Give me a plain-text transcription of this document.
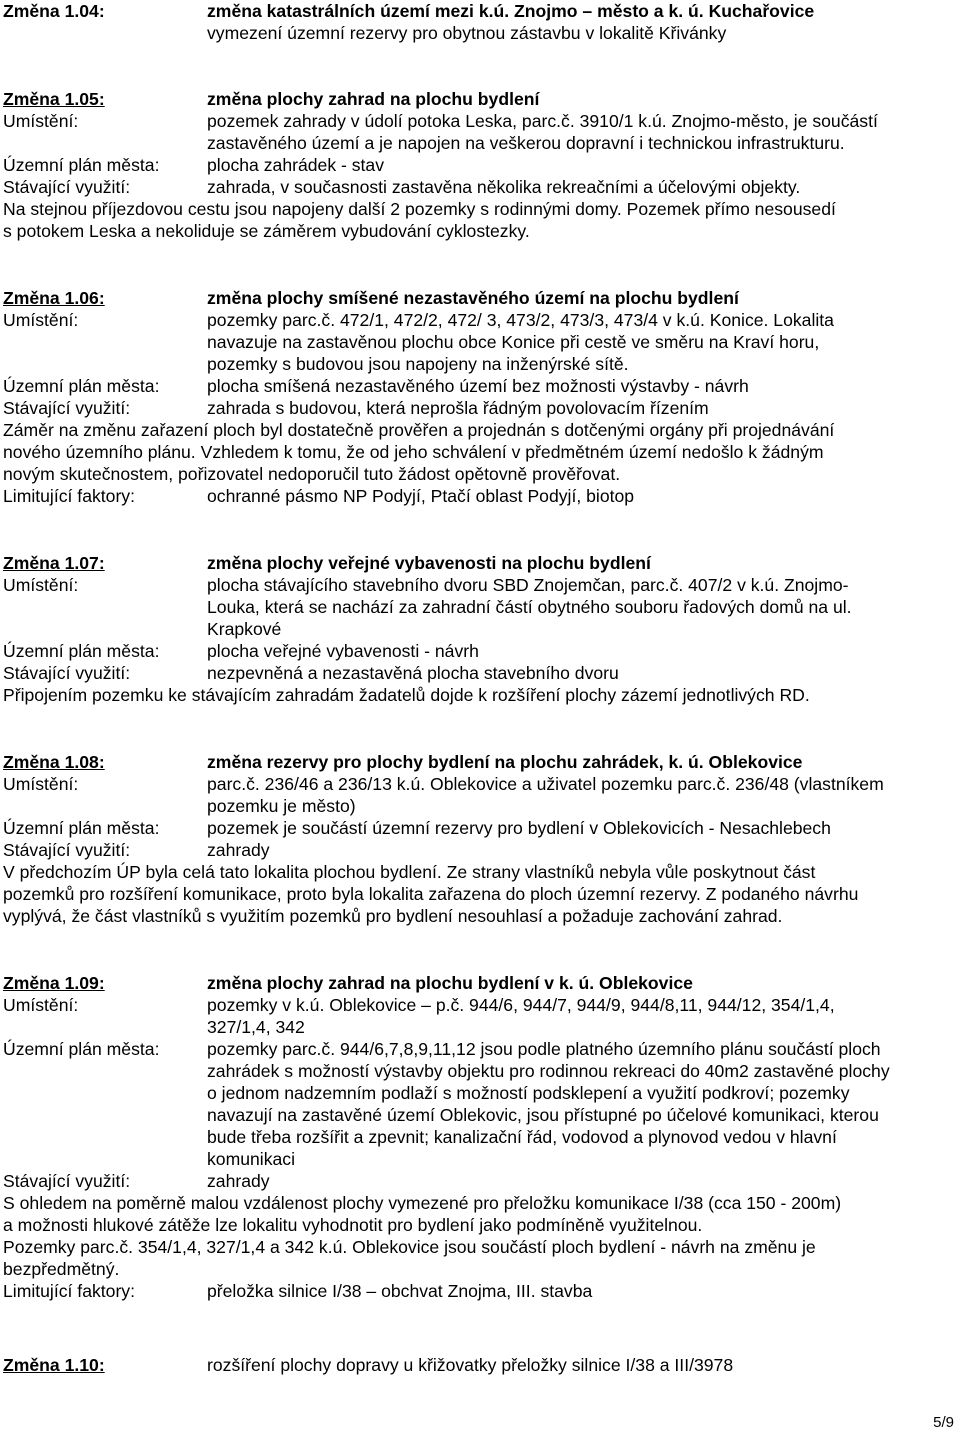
Změna 1.04:	změna katastrálních území mezi k.ú. Znojmo – město a k. ú. Kuchařovice
vymezení územní rezervy pro obytnou zástavbu v lokalitě Křivánky
Změna 1.05:	změna plochy zahrad na plochu bydlení
Umístění:	pozemek zahrady v údolí potoka Leska, parc.č. 3910/1 k.ú. Znojmo-město, je součástí
zastavěného území a je napojen na veškerou dopravní i technickou infrastrukturu.
Územní plán města:	plocha zahrádek - stav
Stávající využití:	zahrada, v současnosti zastavěna několika rekreačními a účelovými objekty.
Na stejnou příjezdovou cestu jsou napojeny další 2 pozemky s rodinnými domy. Pozemek přímo nesousedí
s potokem Leska a nekoliduje se záměrem vybudování cyklostezky.
Změna 1.06:	změna plochy smíšené nezastavěného území na plochu bydlení
Umístění:	pozemky parc.č. 472/1, 472/2, 472/ 3, 473/2, 473/3, 473/4 v k.ú. Konice. Lokalita
navazuje na zastavěnou plochu obce Konice při cestě ve směru na Kraví horu,
pozemky s budovou jsou napojeny na inženýrské sítě.
Územní plán města:	plocha smíšená nezastavěného území bez možnosti výstavby - návrh
Stávající využití:	zahrada s budovou, která neprošla řádným povolovacím řízením
Záměr na změnu zařazení ploch byl dostatečně prověřen a projednán s dotčenými orgány při projednávání
nového územního plánu. Vzhledem k tomu, že od jeho schválení v předmětném území nedošlo k žádným
novým skutečnostem, pořizovatel nedoporučil tuto žádost opětovně prověřovat.
Limitující faktory:	ochranné pásmo NP Podyjí, Ptačí oblast Podyjí, biotop
Změna 1.07:	změna plochy veřejné vybavenosti na plochu bydlení
Umístění:	plocha stávajícího stavebního dvoru SBD Znojemčan, parc.č. 407/2 v k.ú. Znojmo-
Louka, která se nachází za zahradní částí obytného souboru řadových domů na ul.
Krapkové
Územní plán města:	plocha veřejné vybavenosti - návrh
Stávající využití:	nezpevněná a nezastavěná plocha stavebního dvoru
Připojením pozemku ke stávajícím zahradám žadatelů dojde k rozšíření plochy zázemí jednotlivých RD.
Změna 1.08:	změna rezervy pro plochy bydlení na plochu zahrádek, k. ú. Oblekovice
Umístění:	parc.č. 236/46 a 236/13 k.ú. Oblekovice a uživatel pozemku parc.č. 236/48 (vlastníkem
pozemku je město)
Územní plán města:	pozemek je součástí územní rezervy pro bydlení v Oblekovicích - Nesachlebech
Stávající využití:	zahrady
V předchozím ÚP byla celá tato lokalita plochou bydlení. Ze strany vlastníků nebyla vůle poskytnout část
pozemků pro rozšíření komunikace, proto byla lokalita zařazena do ploch územní rezervy. Z podaného návrhu
vyplývá, že část vlastníků s využitím pozemků pro bydlení nesouhlasí a požaduje zachování zahrad.
Změna 1.09:	změna plochy zahrad na plochu bydlení v k. ú. Oblekovice
Umístění:	pozemky v k.ú. Oblekovice – p.č. 944/6, 944/7, 944/9, 944/8,11, 944/12, 354/1,4,
327/1,4, 342
Územní plán města:	pozemky parc.č. 944/6,7,8,9,11,12 jsou podle platného územního plánu součástí ploch
zahrádek s možností výstavby objektu pro rodinnou rekreaci do 40m2 zastavěné plochy
o jednom nadzemním podlaží s možností podsklepení a využití podkroví; pozemky
navazují na zastavěné území Oblekovic, jsou přístupné po účelové komunikaci, kterou
bude třeba rozšířit a zpevnit; kanalizační řád, vodovod a plynovod vedou v hlavní
komunikaci
Stávající využití:	zahrady
S ohledem na poměrně malou vzdálenost plochy vymezené pro přeložku komunikace I/38 (cca 150 - 200m)
a možnosti hlukové zátěže lze lokalitu vyhodnotit pro bydlení jako podmíněně využitelnou.
Pozemky parc.č. 354/1,4, 327/1,4 a 342 k.ú. Oblekovice jsou součástí ploch bydlení - návrh na změnu je
bezpředmětný.
Limitující faktory:	přeložka silnice I/38 – obchvat Znojma, III. stavba
Změna 1.10:	rozšíření plochy dopravy u křižovatky přeložky silnice I/38 a III/3978
5/9
